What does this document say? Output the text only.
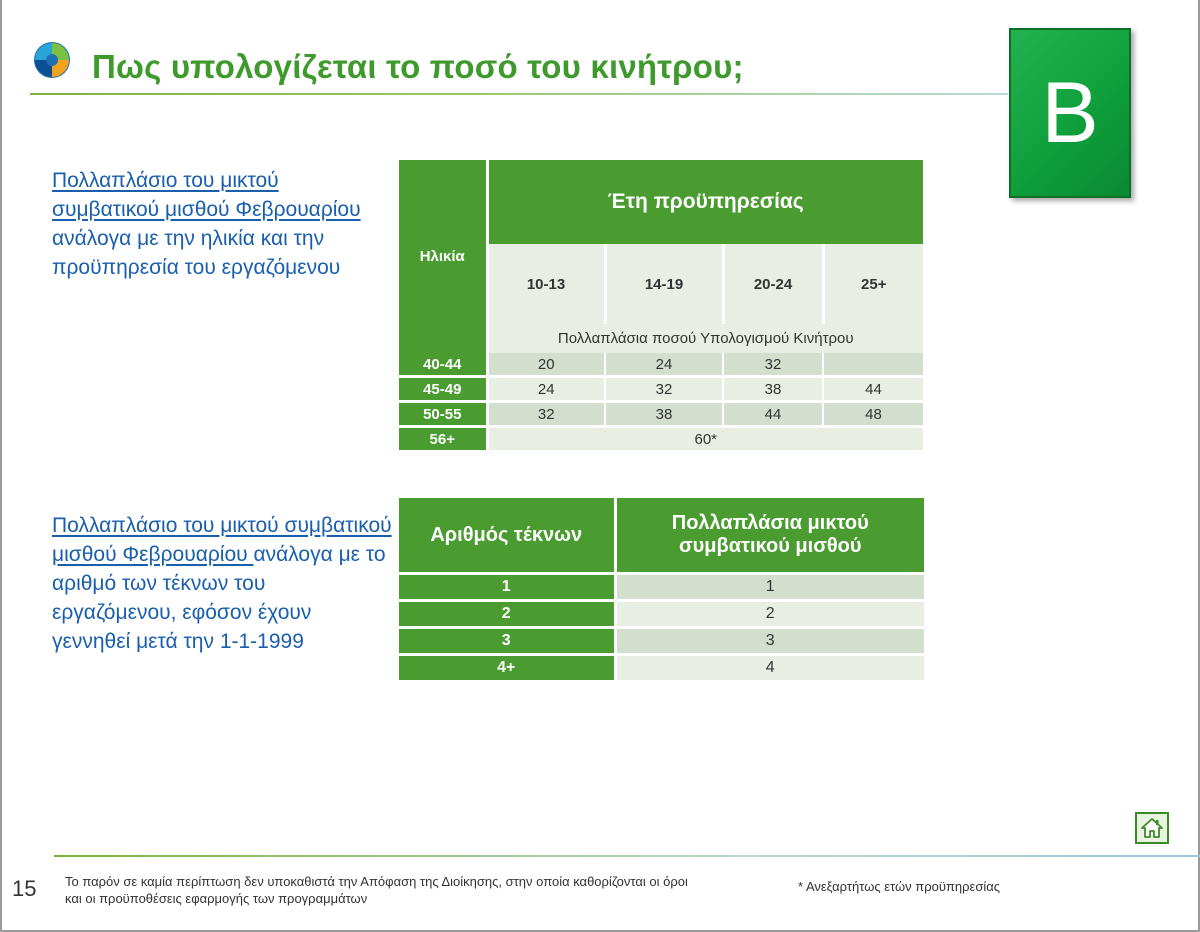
Πως υπολογίζεται το ποσό του κινήτρου;	B
Πολλαπλάσιο του μικτού συμβατικού μισθού Φεβρουαρίου ανάλογα με την ηλικία και την προϋπηρεσία του εργαζόμενου	Ηλικία	Έτη προϋπηρεσίας			
	10-13	14-19	20-24	25+
	Πολλαπλάσια ποσού Υπολογισμού Κινήτρου			
40-44	20	24	32	
45-49	24	32	38	44
50-55	32	38	44	48
56+	60*			
Πολλαπλάσιο του μικτού συμβατικού μισθού Φεβρουαρίου ανάλογα με το αριθμό των τέκνων του εργαζόμενου, εφόσον έχουν γεννηθεί μετά την 1-1-1999
Αριθμός τέκνων	Πολλαπλάσια μικτού συμβατικού μισθού
1	1
2	2
3	3
4+	4
15 Το παρόν σε καμία περίπτωση δεν υποκαθιστά την Απόφαση της Διοίκησης, στην οποία καθορίζονται οι όροι και οι προϋποθέσεις εφαρμογής των προγραμμάτων
* Ανεξαρτήτως ετών προϋπηρεσίας
